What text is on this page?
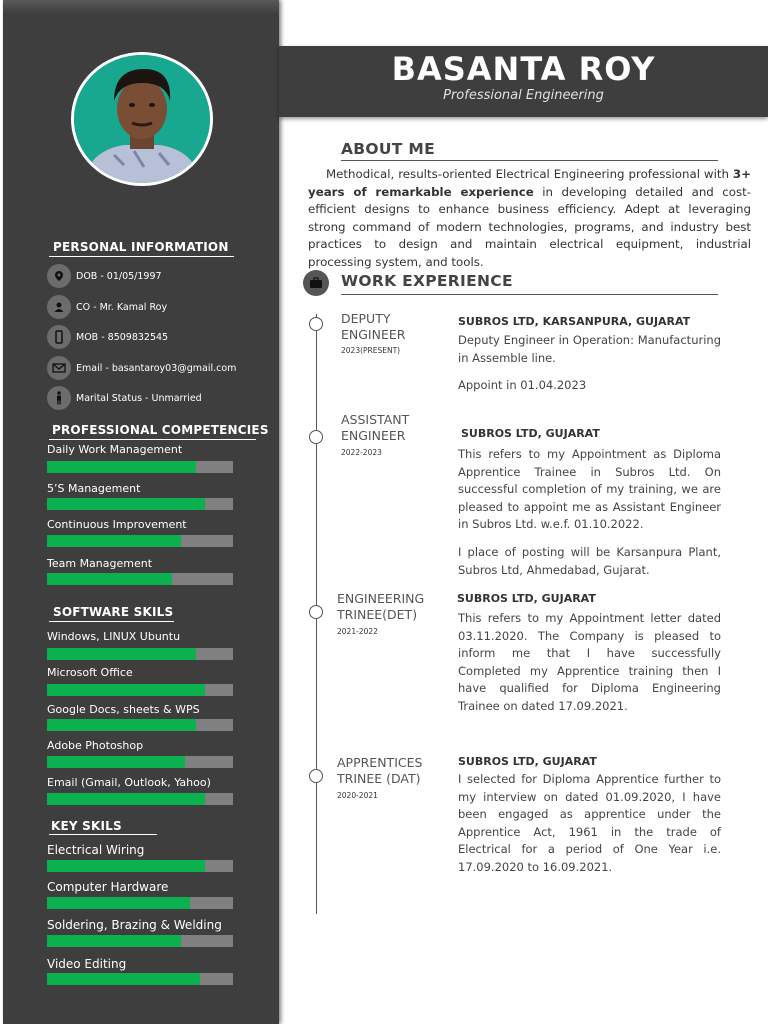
PERSONAL INFORMATION
DOB - 01/05/1997
CO - Mr. Kamal Roy
MOB - 8509832545
Email - basantaroy03@gmail.com
Marital Status - Unmarried
PROFESSIONAL COMPETENCIES
Daily Work Management
5’S Management
Continuous Improvement
Team Management
SOFTWARE SKILS
Windows, LINUX Ubuntu
Microsoft Office
Google Docs, sheets & WPS
Adobe Photoshop
Email (Gmail, Outlook, Yahoo)
KEY SKILS
Electrical Wiring
Computer Hardware
Soldering, Brazing & Welding
Video Editing
BASANTA ROY
Professional Engineering
ABOUT ME
Methodical, results-oriented Electrical Engineering professional with 3+ years of remarkable experience in developing detailed and cost-efficient designs to enhance business efficiency. Adept at leveraging strong command of modern technologies, programs, and industry best practices to design and maintain electrical equipment, industrial processing system, and tools.
WORK EXPERIENCE
DEPUTY
ENGINEER
2023(PRESENT)
SUBROS LTD, KARSANPURA, GUJARAT
Deputy Engineer in Operation: Manufacturing in Assemble line.
Appoint in 01.04.2023
ASSISTANT
ENGINEER
2022-2023
SUBROS LTD, GUJARAT
This refers to my Appointment as Diploma Apprentice Trainee in Subros Ltd. On successful completion of my training, we are pleased to appoint me as Assistant Engineer in Subros Ltd. w.e.f. 01.10.2022.
I place of posting will be Karsanpura Plant, Subros Ltd, Ahmedabad, Gujarat.
ENGINEERING
TRINEE(DET)
2021-2022
SUBROS LTD, GUJARAT
This refers to my Appointment letter dated 03.11.2020. The Company is pleased to inform me that I have successfully Completed my Apprentice training then I have qualified for Diploma Engineering Trainee on dated 17.09.2021.
APPRENTICES
TRINEE (DAT)
2020-2021
SUBROS LTD, GUJARAT
I selected for Diploma Apprentice further to my interview on dated 01.09.2020, I have been engaged as apprentice under the Apprentice Act, 1961 in the trade of Electrical for a period of One Year i.e. 17.09.2020 to 16.09.2021.
